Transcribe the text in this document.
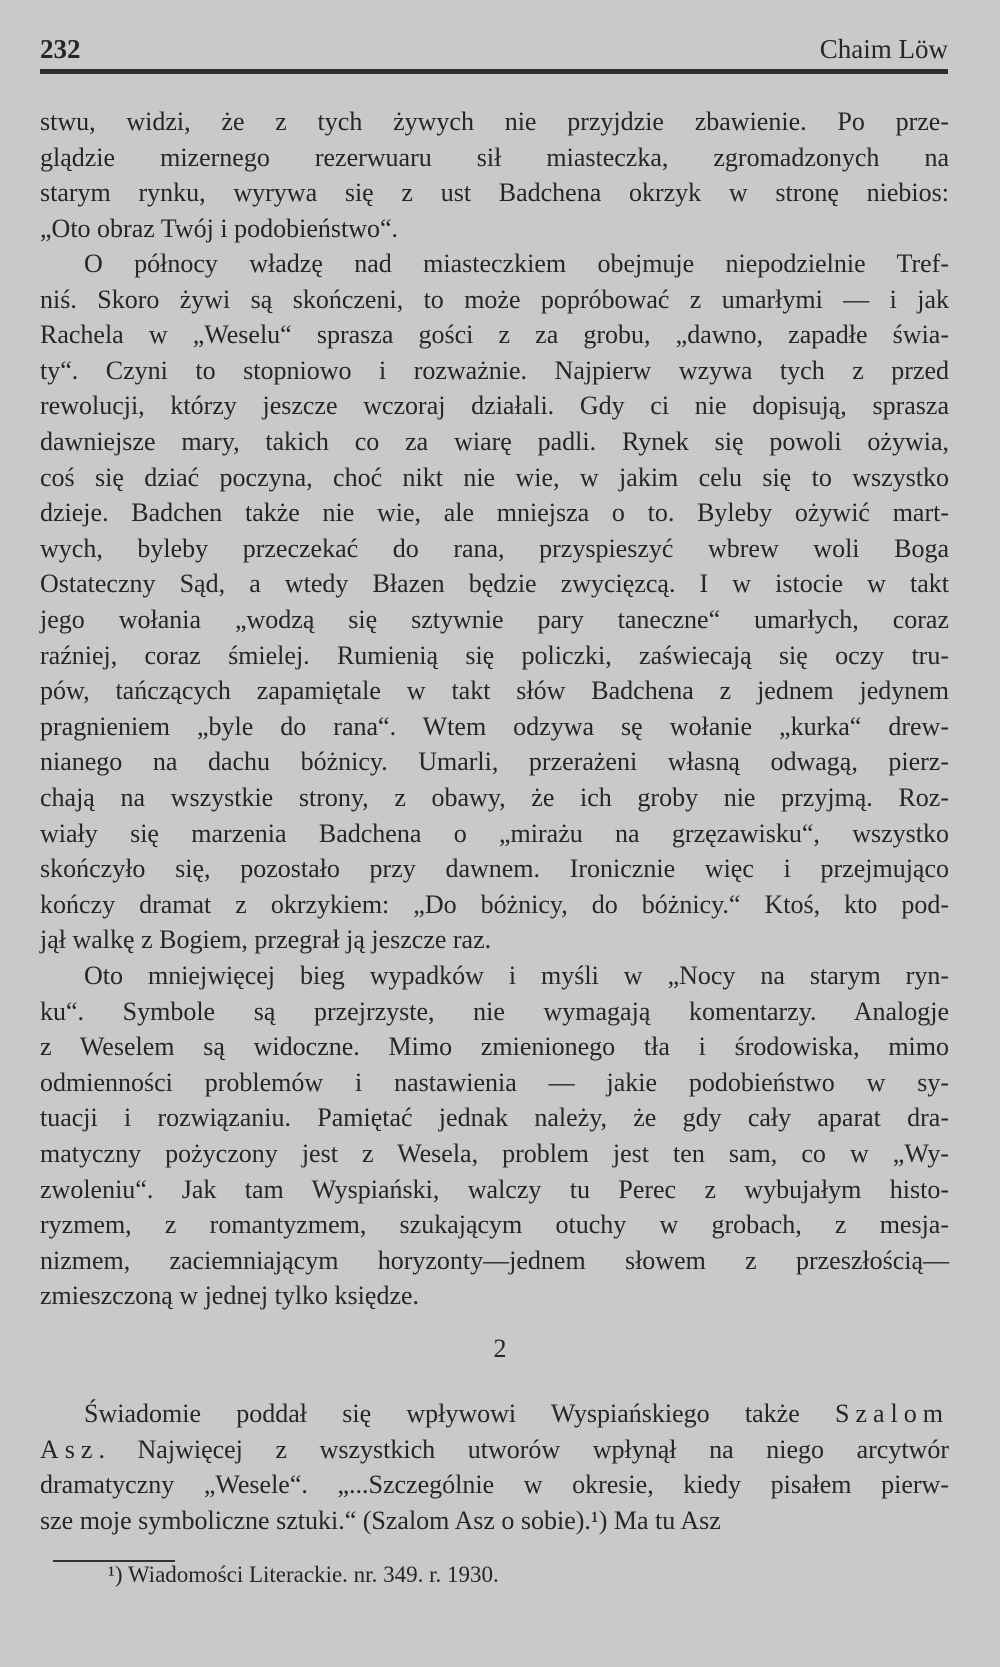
232	Chaim Löw
stwu, widzi, że z tych żywych nie przyjdzie zbawienie. Po prze-
glądzie mizernego rezerwuaru sił miasteczka, zgromadzonych na
starym rynku, wyrywa się z ust Badchena okrzyk w stronę niebios:
„Oto obraz Twój i podobieństwo“.
O północy władzę nad miasteczkiem obejmuje niepodzielnie Tref-
niś. Skoro żywi są skończeni, to może popróbować z umarłymi — i jak
Rachela w „Weselu“ sprasza gości z za grobu, „dawno, zapadłe świa-
ty“. Czyni to stopniowo i rozważnie. Najpierw wzywa tych z przed
rewolucji, którzy jeszcze wczoraj działali. Gdy ci nie dopisują, sprasza
dawniejsze mary, takich co za wiarę padli. Rynek się powoli ożywia,
coś się dziać poczyna, choć nikt nie wie, w jakim celu się to wszystko
dzieje. Badchen także nie wie, ale mniejsza o to. Byleby ożywić mart-
wych, byleby przeczekać do rana, przyspieszyć wbrew woli Boga
Ostateczny Sąd, a wtedy Błazen będzie zwycięzcą. I w istocie w takt
jego wołania „wodzą się sztywnie pary taneczne“ umarłych, coraz
raźniej, coraz śmielej. Rumienią się policzki, zaświecają się oczy tru-
pów, tańczących zapamiętale w takt słów Badchena z jednem jedynem
pragnieniem „byle do rana“. Wtem odzywa sę wołanie „kurka“ drew-
nianego na dachu bóżnicy. Umarli, przerażeni własną odwagą, pierz-
chają na wszystkie strony, z obawy, że ich groby nie przyjmą. Roz-
wiały się marzenia Badchena o „mirażu na grzęzawisku“, wszystko
skończyło się, pozostało przy dawnem. Ironicznie więc i przejmująco
kończy dramat z okrzykiem: „Do bóżnicy, do bóżnicy.“ Ktoś, kto pod-
jął walkę z Bogiem, przegrał ją jeszcze raz.
Oto mniejwięcej bieg wypadków i myśli w „Nocy na starym ryn-
ku“. Symbole są przejrzyste, nie wymagają komentarzy. Analogje
z Weselem są widoczne. Mimo zmienionego tła i środowiska, mimo
odmienności problemów i nastawienia — jakie podobieństwo w sy-
tuacji i rozwiązaniu. Pamiętać jednak należy, że gdy cały aparat dra-
matyczny pożyczony jest z Wesela, problem jest ten sam, co w „Wy-
zwoleniu“. Jak tam Wyspiański, walczy tu Perec z wybujałym histo-
ryzmem, z romantyzmem, szukającym otuchy w grobach, z mesja-
nizmem, zaciemniającym horyzonty—jednem słowem z przeszłością—
zmieszczoną w jednej tylko księdze.
2
Świadomie poddał się wpływowi Wyspiańskiego także Szalom
Asz. Najwięcej z wszystkich utworów wpłynął na niego arcytwór
dramatyczny „Wesele“. „...Szczególnie w okresie, kiedy pisałem pierw-
sze moje symboliczne sztuki.“ (Szalom Asz o sobie).¹) Ma tu Asz
¹) Wiadomości Literackie. nr. 349. r. 1930.
